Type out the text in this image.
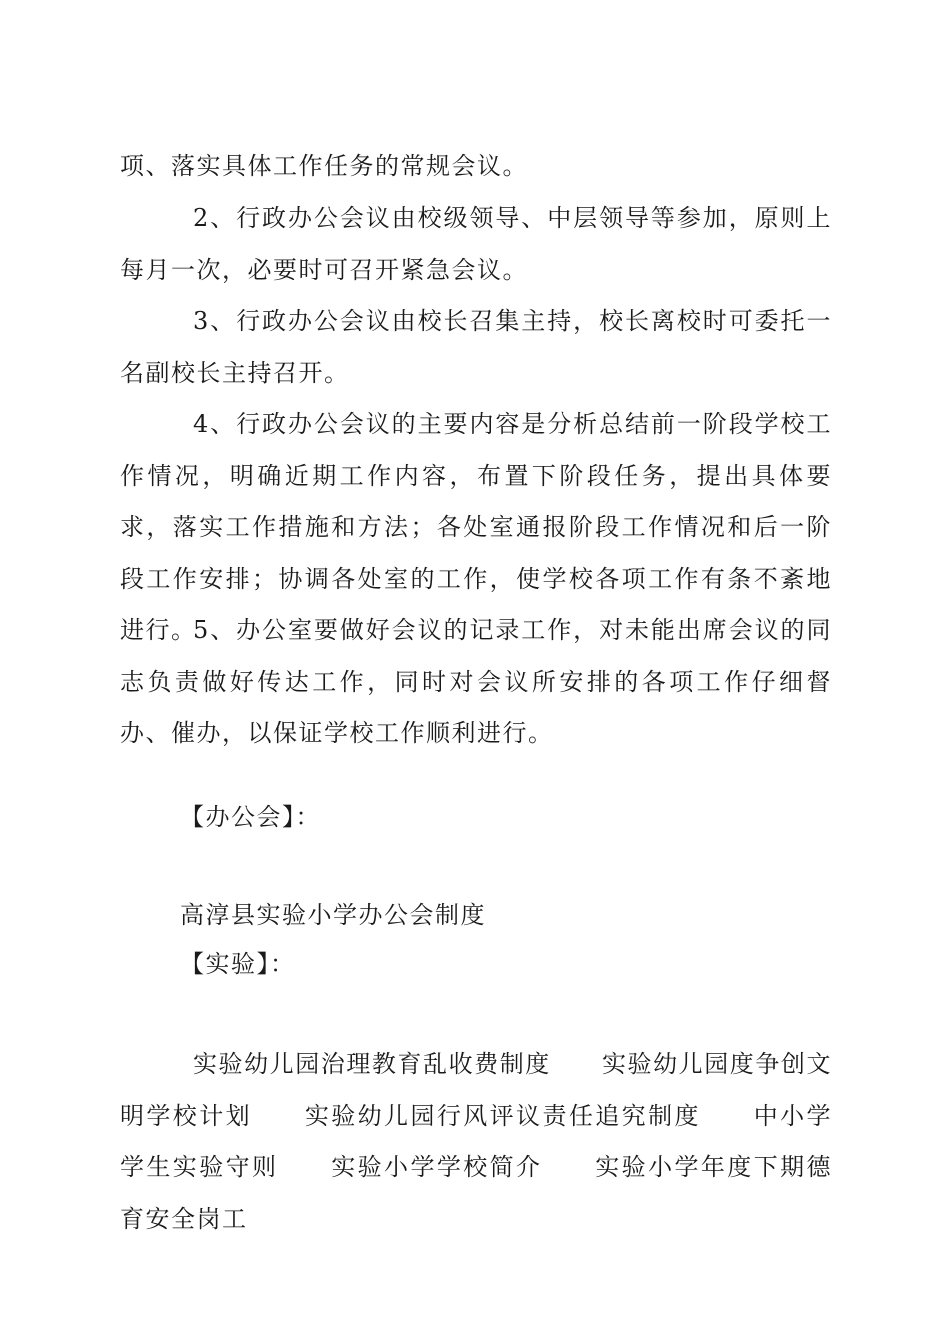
项、落实具体工作任务的常规会议。

2、行政办公会议由校级领导、中层领导等参加，原则上每月一次，必要时可召开紧急会议。

3、行政办公会议由校长召集主持，校长离校时可委托一名副校长主持召开。

4、行政办公会议的主要内容是分析总结前一阶段学校工作情况，明确近期工作内容，布置下阶段任务，提出具体要求，落实工作措施和方法；各处室通报阶段工作情况和后一阶段工作安排；协调各处室的工作，使学校各项工作有条不紊地进行。

5、办公室要做好会议的记录工作，对未能出席会议的同志负责做好传达工作，同时对会议所安排的各项工作仔细督办、催办，以保证学校工作顺利进行。

【办公会】：

高淳县实验小学办公会制度

【实验】：

实验幼儿园治理教育乱收费制度　　实验幼儿园度争创文明学校计划　　实验幼儿园行风评议责任追究制度　　中小学学生实验守则　　实验小学学校简介　　实验小学年度下期德育安全岗工
